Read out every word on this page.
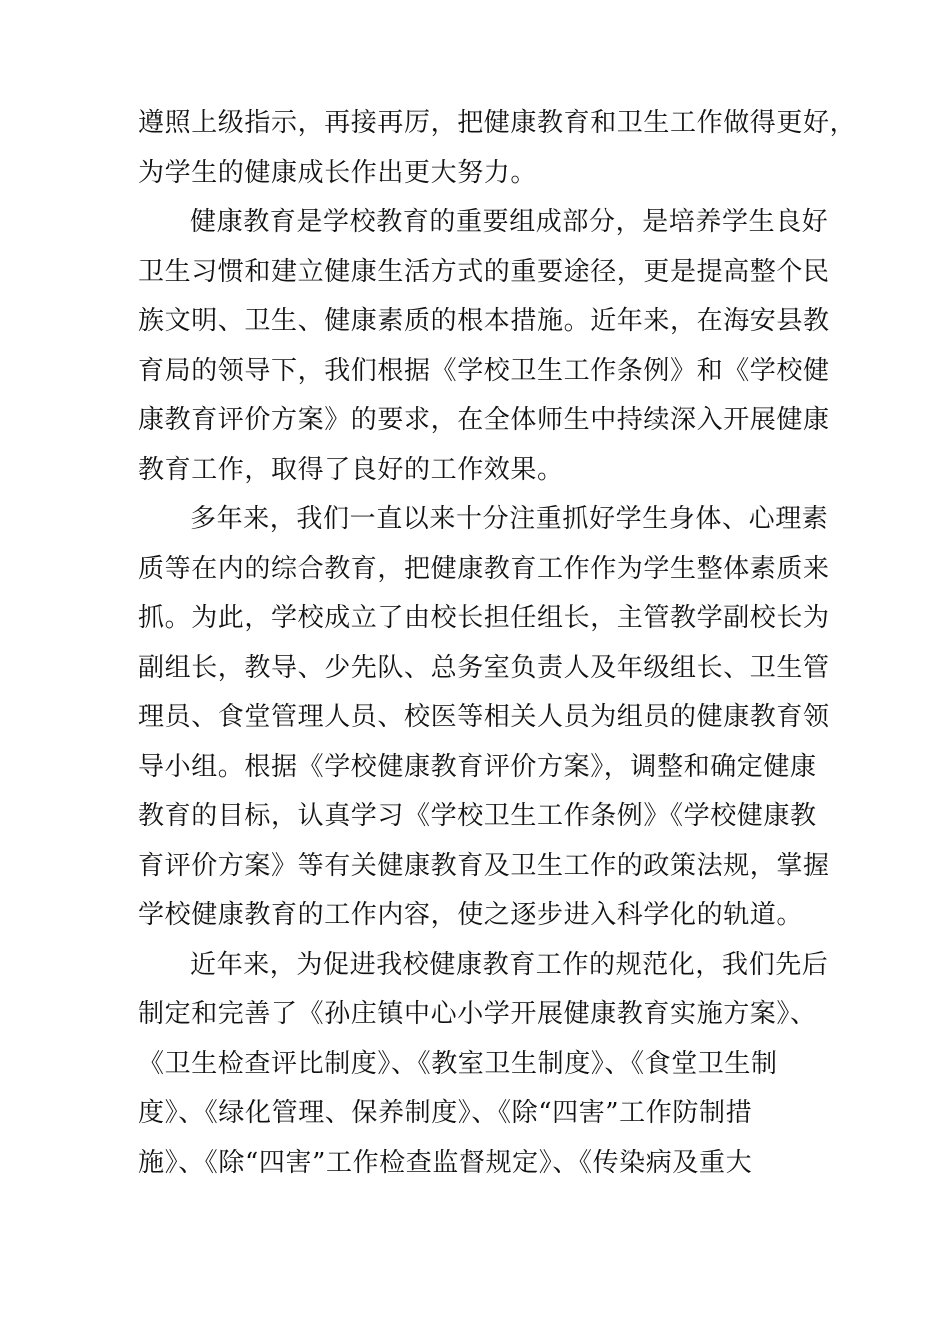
遵照上级指示，再接再厉，把健康教育和卫生工作做得更好，
为学生的健康成长作出更大努力。
健康教育是学校教育的重要组成部分，是培养学生良好
卫生习惯和建立健康生活方式的重要途径，更是提高整个民
族文明、卫生、健康素质的根本措施。近年来，在海安县教
育局的领导下，我们根据《学校卫生工作条例》和《学校健
康教育评价方案》的要求，在全体师生中持续深入开展健康
教育工作，取得了良好的工作效果。
多年来，我们一直以来十分注重抓好学生身体、心理素
质等在内的综合教育，把健康教育工作作为学生整体素质来
抓。为此，学校成立了由校长担任组长，主管教学副校长为
副组长，教导、少先队、总务室负责人及年级组长、卫生管
理员、食堂管理人员、校医等相关人员为组员的健康教育领
导小组。根据《学校健康教育评价方案》，调整和确定健康
教育的目标，认真学习《学校卫生工作条例》《学校健康教
育评价方案》等有关健康教育及卫生工作的政策法规，掌握
学校健康教育的工作内容，使之逐步进入科学化的轨道。
近年来，为促进我校健康教育工作的规范化，我们先后
制定和完善了《孙庄镇中心小学开展健康教育实施方案》、
《卫生检查评比制度》、《教室卫生制度》、《食堂卫生制
度》、《绿化管理、保养制度》、《除“四害”工作防制措
施》、《除“四害”工作检查监督规定》、《传染病及重大
